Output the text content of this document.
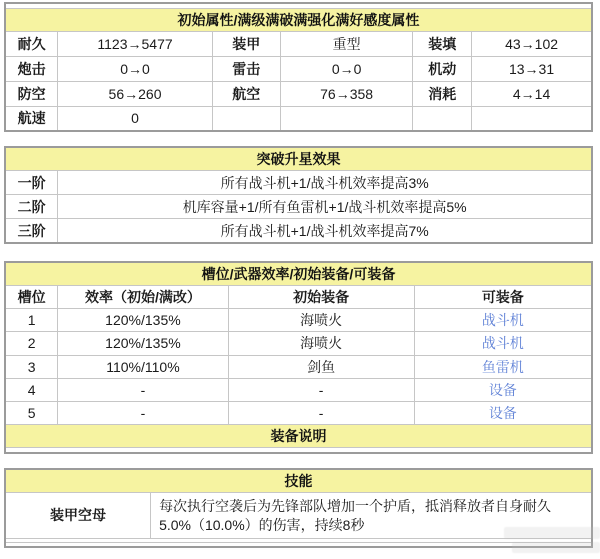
初始属性/满级满破满强化满好感度属性					
耐久	1123→5477	装甲	重型	装填	43→102
炮击	0→0	雷击	0→0	机动	13→31
防空	56→260	航空	76→358	消耗	4→14
航速	0				
突破升星效果	
一阶	所有战斗机+1/战斗机效率提高3%
二阶	机库容量+1/所有鱼雷机+1/战斗机效率提高5%
三阶	所有战斗机+1/战斗机效率提高7%
槽位/武器效率/初始装备/可装备			
槽位	效率（初始/满改）	初始装备	可装备
1	120%/135%	海喷火	战斗机
2	120%/135%	海喷火	战斗机
3	110%/110%	剑鱼	鱼雷机
4	-	-	设备
5	-	-	设备
装备说明			

技能
装甲空母	每次执行空袭后为先锋部队增加一个护盾，抵消释放者自身耐久5.0%（10.0%）的伤害，持续8秒
